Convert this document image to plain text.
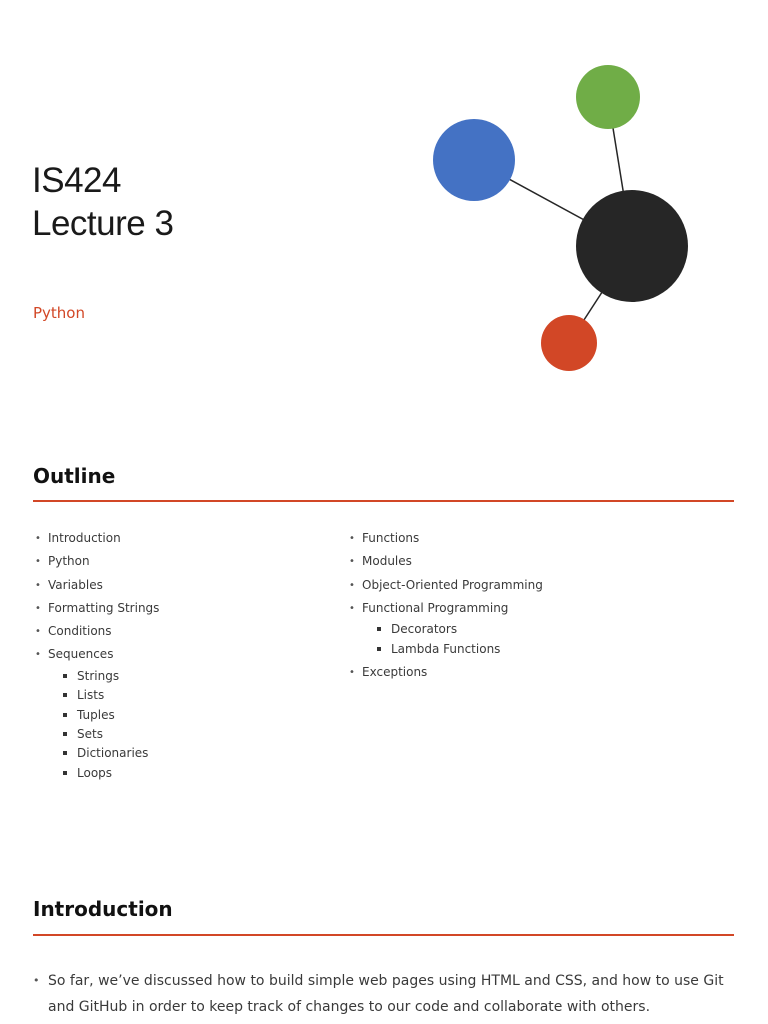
IS424
Lecture 3
Python
Outline
• Introduction
• Python
• Variables
• Formatting Strings
• Conditions
• Sequences
Strings
Lists
Tuples
Sets
Dictionaries
Loops
• Functions
• Modules
• Object-Oriented Programming
• Functional Programming
Decorators
Lambda Functions
• Exceptions
Introduction
• So far, we’ve discussed how to build simple web pages using HTML and CSS, and how to use Git and GitHub in order to keep track of changes to our code and collaborate with others.
